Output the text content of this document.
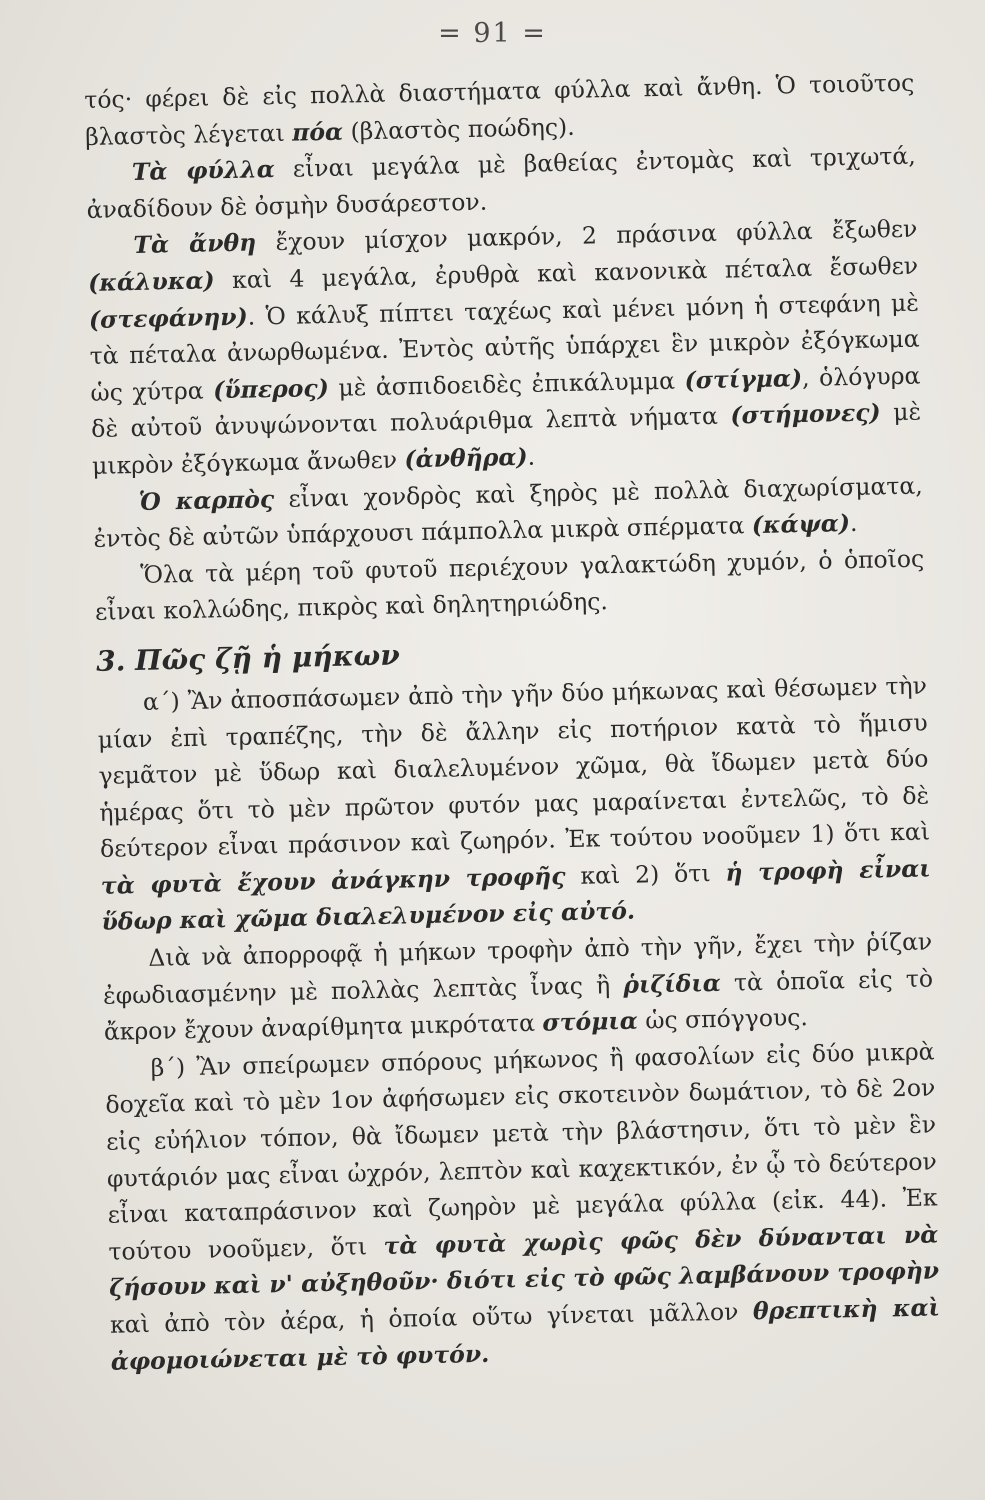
= 91 =

τός· φέρει δὲ εἰς πολλὰ διαστήματα φύλλα καὶ ἄνθη. Ὁ τοιοῦτος βλαστὸς λέγεται πόα (βλαστὸς ποώδης).

Τὰ φύλλα εἶναι μεγάλα μὲ βαθείας ἐντομὰς καὶ τριχωτά, ἀναδίδουν δὲ ὀσμὴν δυσάρεστον.

Τὰ ἄνθη ἔχουν μίσχον μακρόν, 2 πράσινα φύλλα ἔξωθεν (κάλυκα) καὶ 4 μεγάλα, ἐρυθρὰ καὶ κανονικὰ πέταλα ἔσωθεν (στεφάνην). Ὁ κάλυξ πίπτει ταχέως καὶ μένει μόνη ἡ στεφάνη μὲ τὰ πέταλα ἀνωρθωμένα. Ἐντὸς αὐτῆς ὑπάρχει ἓν μικρὸν ἐξόγκωμα ὡς χύτρα (ὕπερος) μὲ ἀσπιδοειδὲς ἐπικάλυμμα (στίγμα), ὁλόγυρα δὲ αὐτοῦ ἀνυψώνονται πολυάριθμα λεπτὰ νήματα (στήμονες) μὲ μικρὸν ἐξόγκωμα ἄνωθεν (ἀνθῆρα).

Ὁ καρπὸς εἶναι χονδρὸς καὶ ξηρὸς μὲ πολλὰ διαχωρίσματα, ἐντὸς δὲ αὐτῶν ὑπάρχουσι πάμπολλα μικρὰ σπέρματα (κάψα).

Ὅλα τὰ μέρη τοῦ φυτοῦ περιέχουν γαλακτώδη χυμόν, ὁ ὁποῖος εἶναι κολλώδης, πικρὸς καὶ δηλητηριώδης.

3. Πῶς ζῇ ἡ μήκων

α΄) Ἂν ἀποσπάσωμεν ἀπὸ τὴν γῆν δύο μήκωνας καὶ θέσωμεν τὴν μίαν ἐπὶ τραπέζης, τὴν δὲ ἄλλην εἰς ποτήριον κατὰ τὸ ἥμισυ γεμᾶτον μὲ ὕδωρ καὶ διαλελυμένον χῶμα, θὰ ἴδωμεν μετὰ δύο ἡμέρας ὅτι τὸ μὲν πρῶτον φυτόν μας μαραίνεται ἐντελῶς, τὸ δὲ δεύτερον εἶναι πράσινον καὶ ζωηρόν. Ἐκ τούτου νοοῦμεν 1) ὅτι καὶ τὰ φυτὰ ἔχουν ἀνάγκην τροφῆς καὶ 2) ὅτι ἡ τροφὴ εἶναι ὕδωρ καὶ χῶμα διαλελυμένον εἰς αὐτό.

Διὰ νὰ ἀπορροφᾷ ἡ μήκων τροφὴν ἀπὸ τὴν γῆν, ἔχει τὴν ῥίζαν ἐφωδιασμένην μὲ πολλὰς λεπτὰς ἶνας ἢ ῥιζίδια τὰ ὁποῖα εἰς τὸ ἄκρον ἔχουν ἀναρίθμητα μικρότατα στόμια ὡς σπόγγους.

β΄) Ἂν σπείρωμεν σπόρους μήκωνος ἢ φασολίων εἰς δύο μικρὰ δοχεῖα καὶ τὸ μὲν 1ον ἀφήσωμεν εἰς σκοτεινὸν δωμάτιον, τὸ δὲ 2ον εἰς εὐήλιον τόπον, θὰ ἴδωμεν μετὰ τὴν βλάστησιν, ὅτι τὸ μὲν ἓν φυτάριόν μας εἶναι ὠχρόν, λεπτὸν καὶ καχεκτικόν, ἐν ᾧ τὸ δεύτερον εἶναι καταπράσινον καὶ ζωηρὸν μὲ μεγάλα φύλλα (εἰκ. 44). Ἐκ τούτου νοοῦμεν, ὅτι τὰ φυτὰ χωρὶς φῶς δὲν δύνανται νὰ ζήσουν καὶ ν' αὐξηθοῦν· διότι εἰς τὸ φῶς λαμβάνουν τροφὴν καὶ ἀπὸ τὸν ἀέρα, ἡ ὁποία οὕτω γίνεται μᾶλλον θρεπτικὴ καὶ ἀφομοιώνεται μὲ τὸ φυτόν.
